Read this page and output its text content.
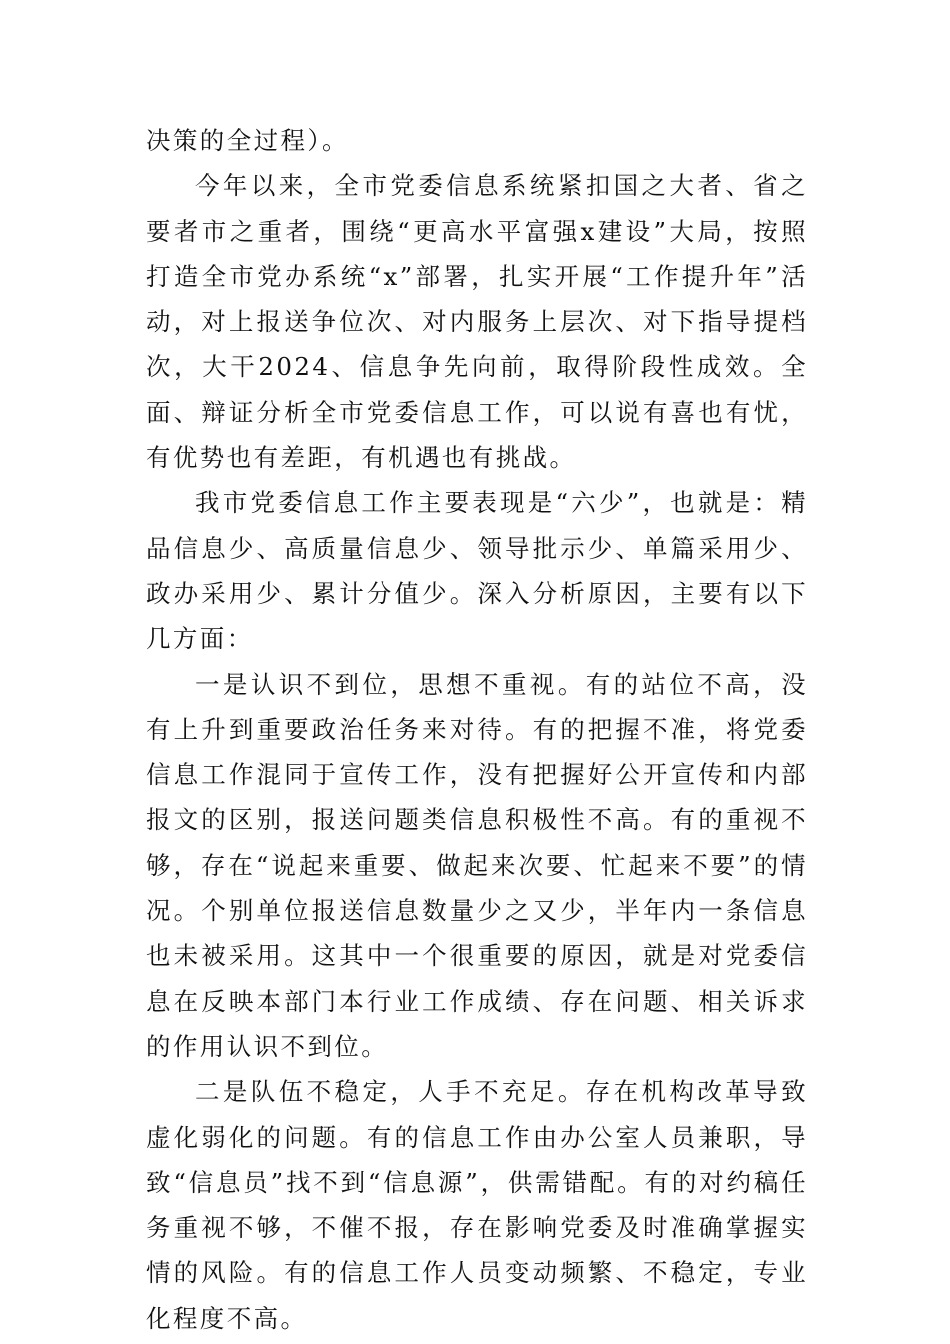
决策的全过程）。

今年以来，全市党委信息系统紧扣国之大者、省之要者市之重者，围绕“更高水平富强x建设”大局，按照打造全市党办系统“x”部署，扎实开展“工作提升年”活动，对上报送争位次、对内服务上层次、对下指导提档次，大干2024、信息争先向前，取得阶段性成效。全面、辩证分析全市党委信息工作，可以说有喜也有忧，有优势也有差距，有机遇也有挑战。

我市党委信息工作主要表现是“六少”，也就是：精品信息少、高质量信息少、领导批示少、单篇采用少、政办采用少、累计分值少。深入分析原因，主要有以下几方面：

一是认识不到位，思想不重视。有的站位不高，没有上升到重要政治任务来对待。有的把握不准，将党委信息工作混同于宣传工作，没有把握好公开宣传和内部报文的区别，报送问题类信息积极性不高。有的重视不够，存在“说起来重要、做起来次要、忙起来不要”的情况。个别单位报送信息数量少之又少，半年内一条信息也未被采用。这其中一个很重要的原因，就是对党委信息在反映本部门本行业工作成绩、存在问题、相关诉求的作用认识不到位。

二是队伍不稳定，人手不充足。存在机构改革导致虚化弱化的问题。有的信息工作由办公室人员兼职，导致“信息员”找不到“信息源”，供需错配。有的对约稿任务重视不够，不催不报，存在影响党委及时准确掌握实情的风险。有的信息工作人员变动频繁、不稳定，专业化程度不高。
